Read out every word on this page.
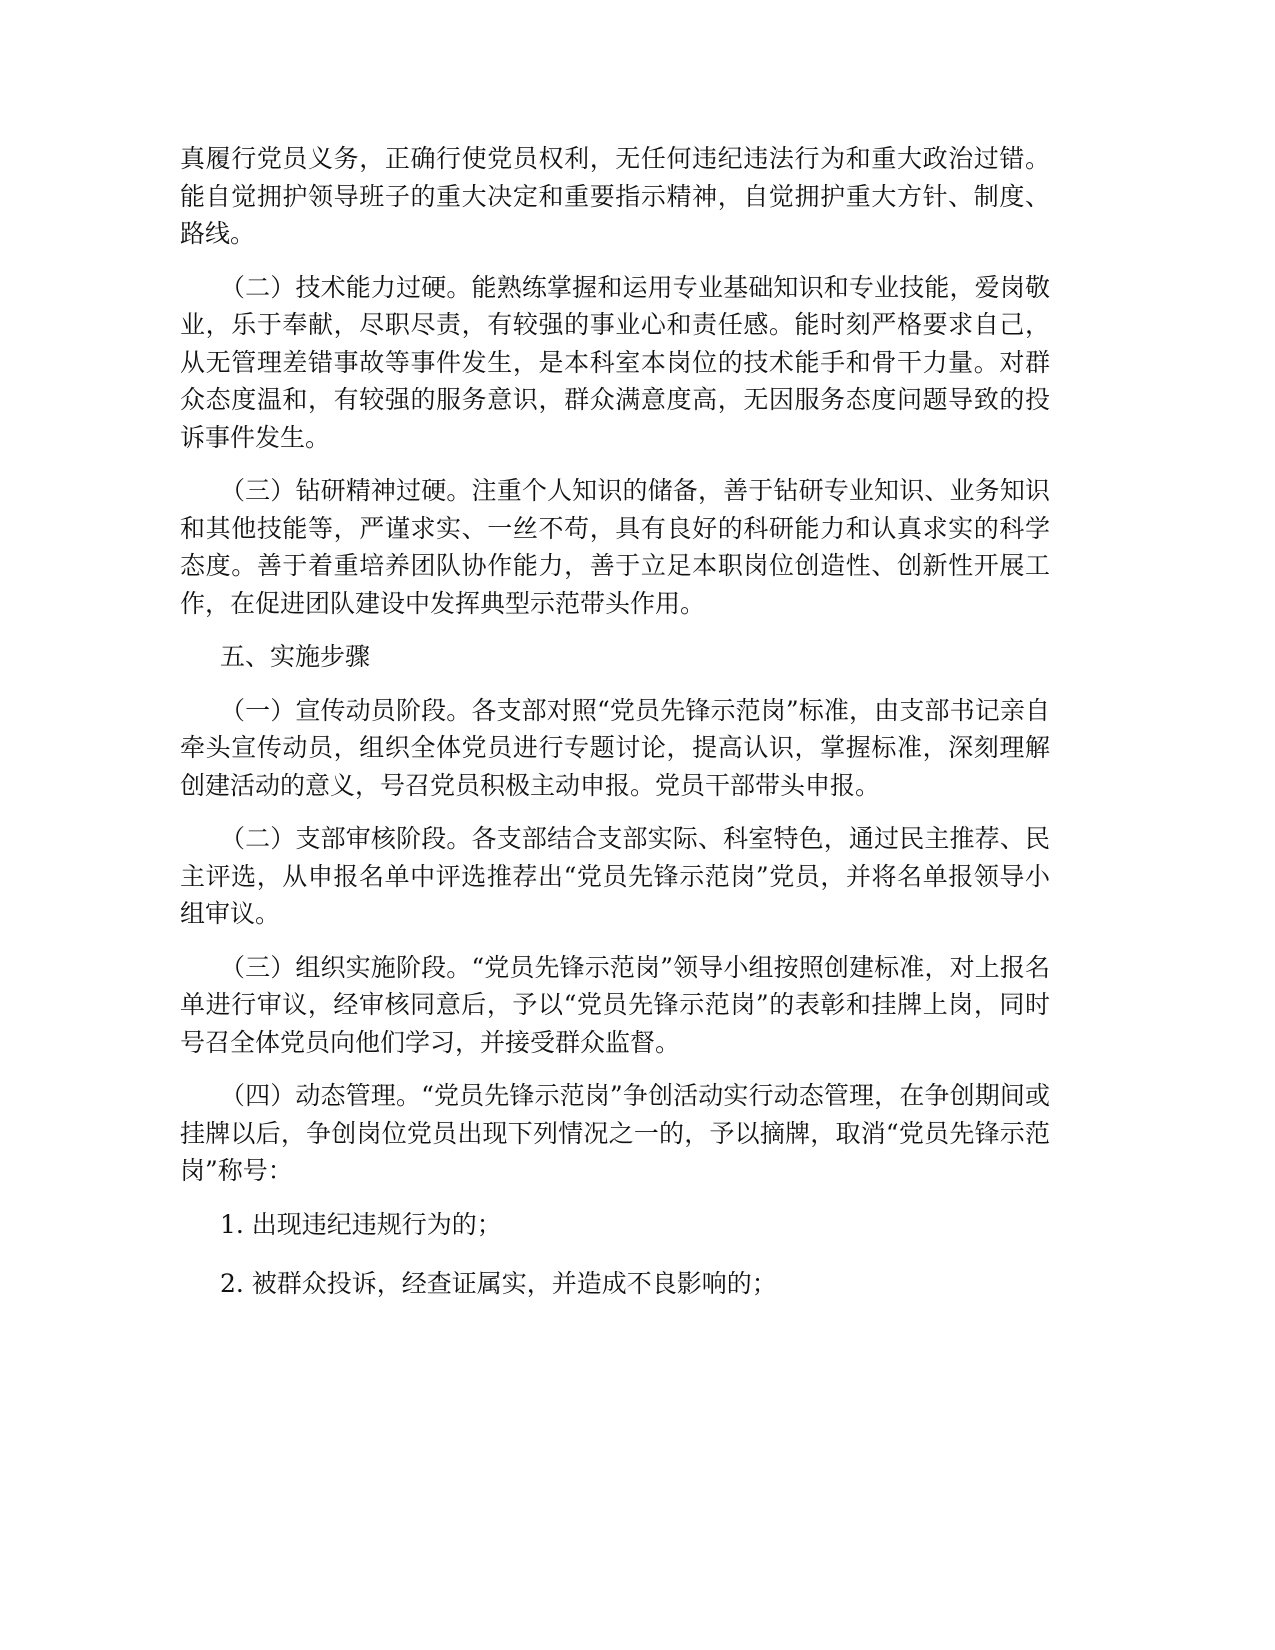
真履行党员义务，正确行使党员权利，无任何违纪违法行为和重大政治过错。能自觉拥护领导班子的重大决定和重要指示精神，自觉拥护重大方针、制度、路线。

（二）技术能力过硬。能熟练掌握和运用专业基础知识和专业技能，爱岗敬业，乐于奉献，尽职尽责，有较强的事业心和责任感。能时刻严格要求自己，从无管理差错事故等事件发生，是本科室本岗位的技术能手和骨干力量。对群众态度温和，有较强的服务意识，群众满意度高，无因服务态度问题导致的投诉事件发生。

（三）钻研精神过硬。注重个人知识的储备，善于钻研专业知识、业务知识和其他技能等，严谨求实、一丝不苟，具有良好的科研能力和认真求实的科学态度。善于着重培养团队协作能力，善于立足本职岗位创造性、创新性开展工作，在促进团队建设中发挥典型示范带头作用。

五、实施步骤

（一）宣传动员阶段。各支部对照“党员先锋示范岗”标准，由支部书记亲自牵头宣传动员，组织全体党员进行专题讨论，提高认识，掌握标准，深刻理解创建活动的意义，号召党员积极主动申报。党员干部带头申报。

（二）支部审核阶段。各支部结合支部实际、科室特色，通过民主推荐、民主评选，从申报名单中评选推荐出“党员先锋示范岗”党员，并将名单报领导小组审议。

（三）组织实施阶段。“党员先锋示范岗”领导小组按照创建标准，对上报名单进行审议，经审核同意后，予以“党员先锋示范岗”的表彰和挂牌上岗，同时号召全体党员向他们学习，并接受群众监督。

（四）动态管理。“党员先锋示范岗”争创活动实行动态管理，在争创期间或挂牌以后，争创岗位党员出现下列情况之一的，予以摘牌，取消“党员先锋示范岗”称号：

1. 出现违纪违规行为的；

2. 被群众投诉，经查证属实，并造成不良影响的；
